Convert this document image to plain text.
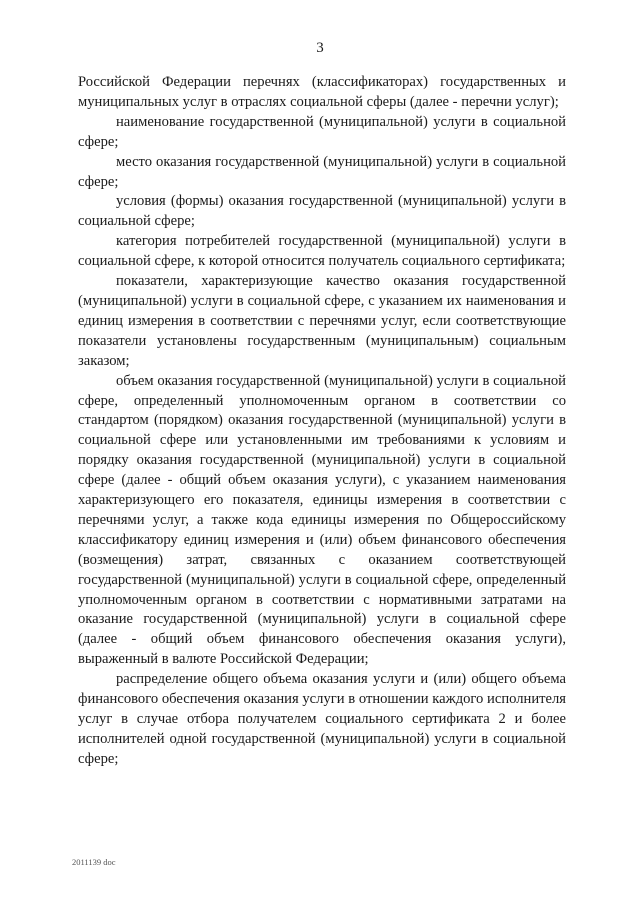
3

Российской Федерации перечнях (классификаторах) государственных и муниципальных услуг в отраслях социальной сферы (далее - перечни услуг);

наименование государственной (муниципальной) услуги в социальной сфере;

место оказания государственной (муниципальной) услуги в социальной сфере;

условия (формы) оказания государственной (муниципальной) услуги в социальной сфере;

категория потребителей государственной (муниципальной) услуги в социальной сфере, к которой относится получатель социального сертификата;

показатели, характеризующие качество оказания государственной (муниципальной) услуги в социальной сфере, с указанием их наименования и единиц измерения в соответствии с перечнями услуг, если соответствующие показатели установлены государственным (муниципальным) социальным заказом;

объем оказания государственной (муниципальной) услуги в социальной сфере, определенный уполномоченным органом в соответствии со стандартом (порядком) оказания государственной (муниципальной) услуги в социальной сфере или установленными им требованиями к условиям и порядку оказания государственной (муниципальной) услуги в социальной сфере (далее - общий объем оказания услуги), с указанием наименования характеризующего его показателя, единицы измерения в соответствии с перечнями услуг, а также кода единицы измерения по Общероссийскому классификатору единиц измерения и (или) объем финансового обеспечения (возмещения) затрат, связанных с оказанием соответствующей государственной (муниципальной) услуги в социальной сфере, определенный уполномоченным органом в соответствии с нормативными затратами на оказание государственной (муниципальной) услуги в социальной сфере (далее - общий объем финансового обеспечения оказания услуги), выраженный в валюте Российской Федерации;

распределение общего объема оказания услуги и (или) общего объема финансового обеспечения оказания услуги в отношении каждого исполнителя услуг в случае отбора получателем социального сертификата 2 и более исполнителей одной государственной (муниципальной) услуги в социальной сфере;

2011139 doc
